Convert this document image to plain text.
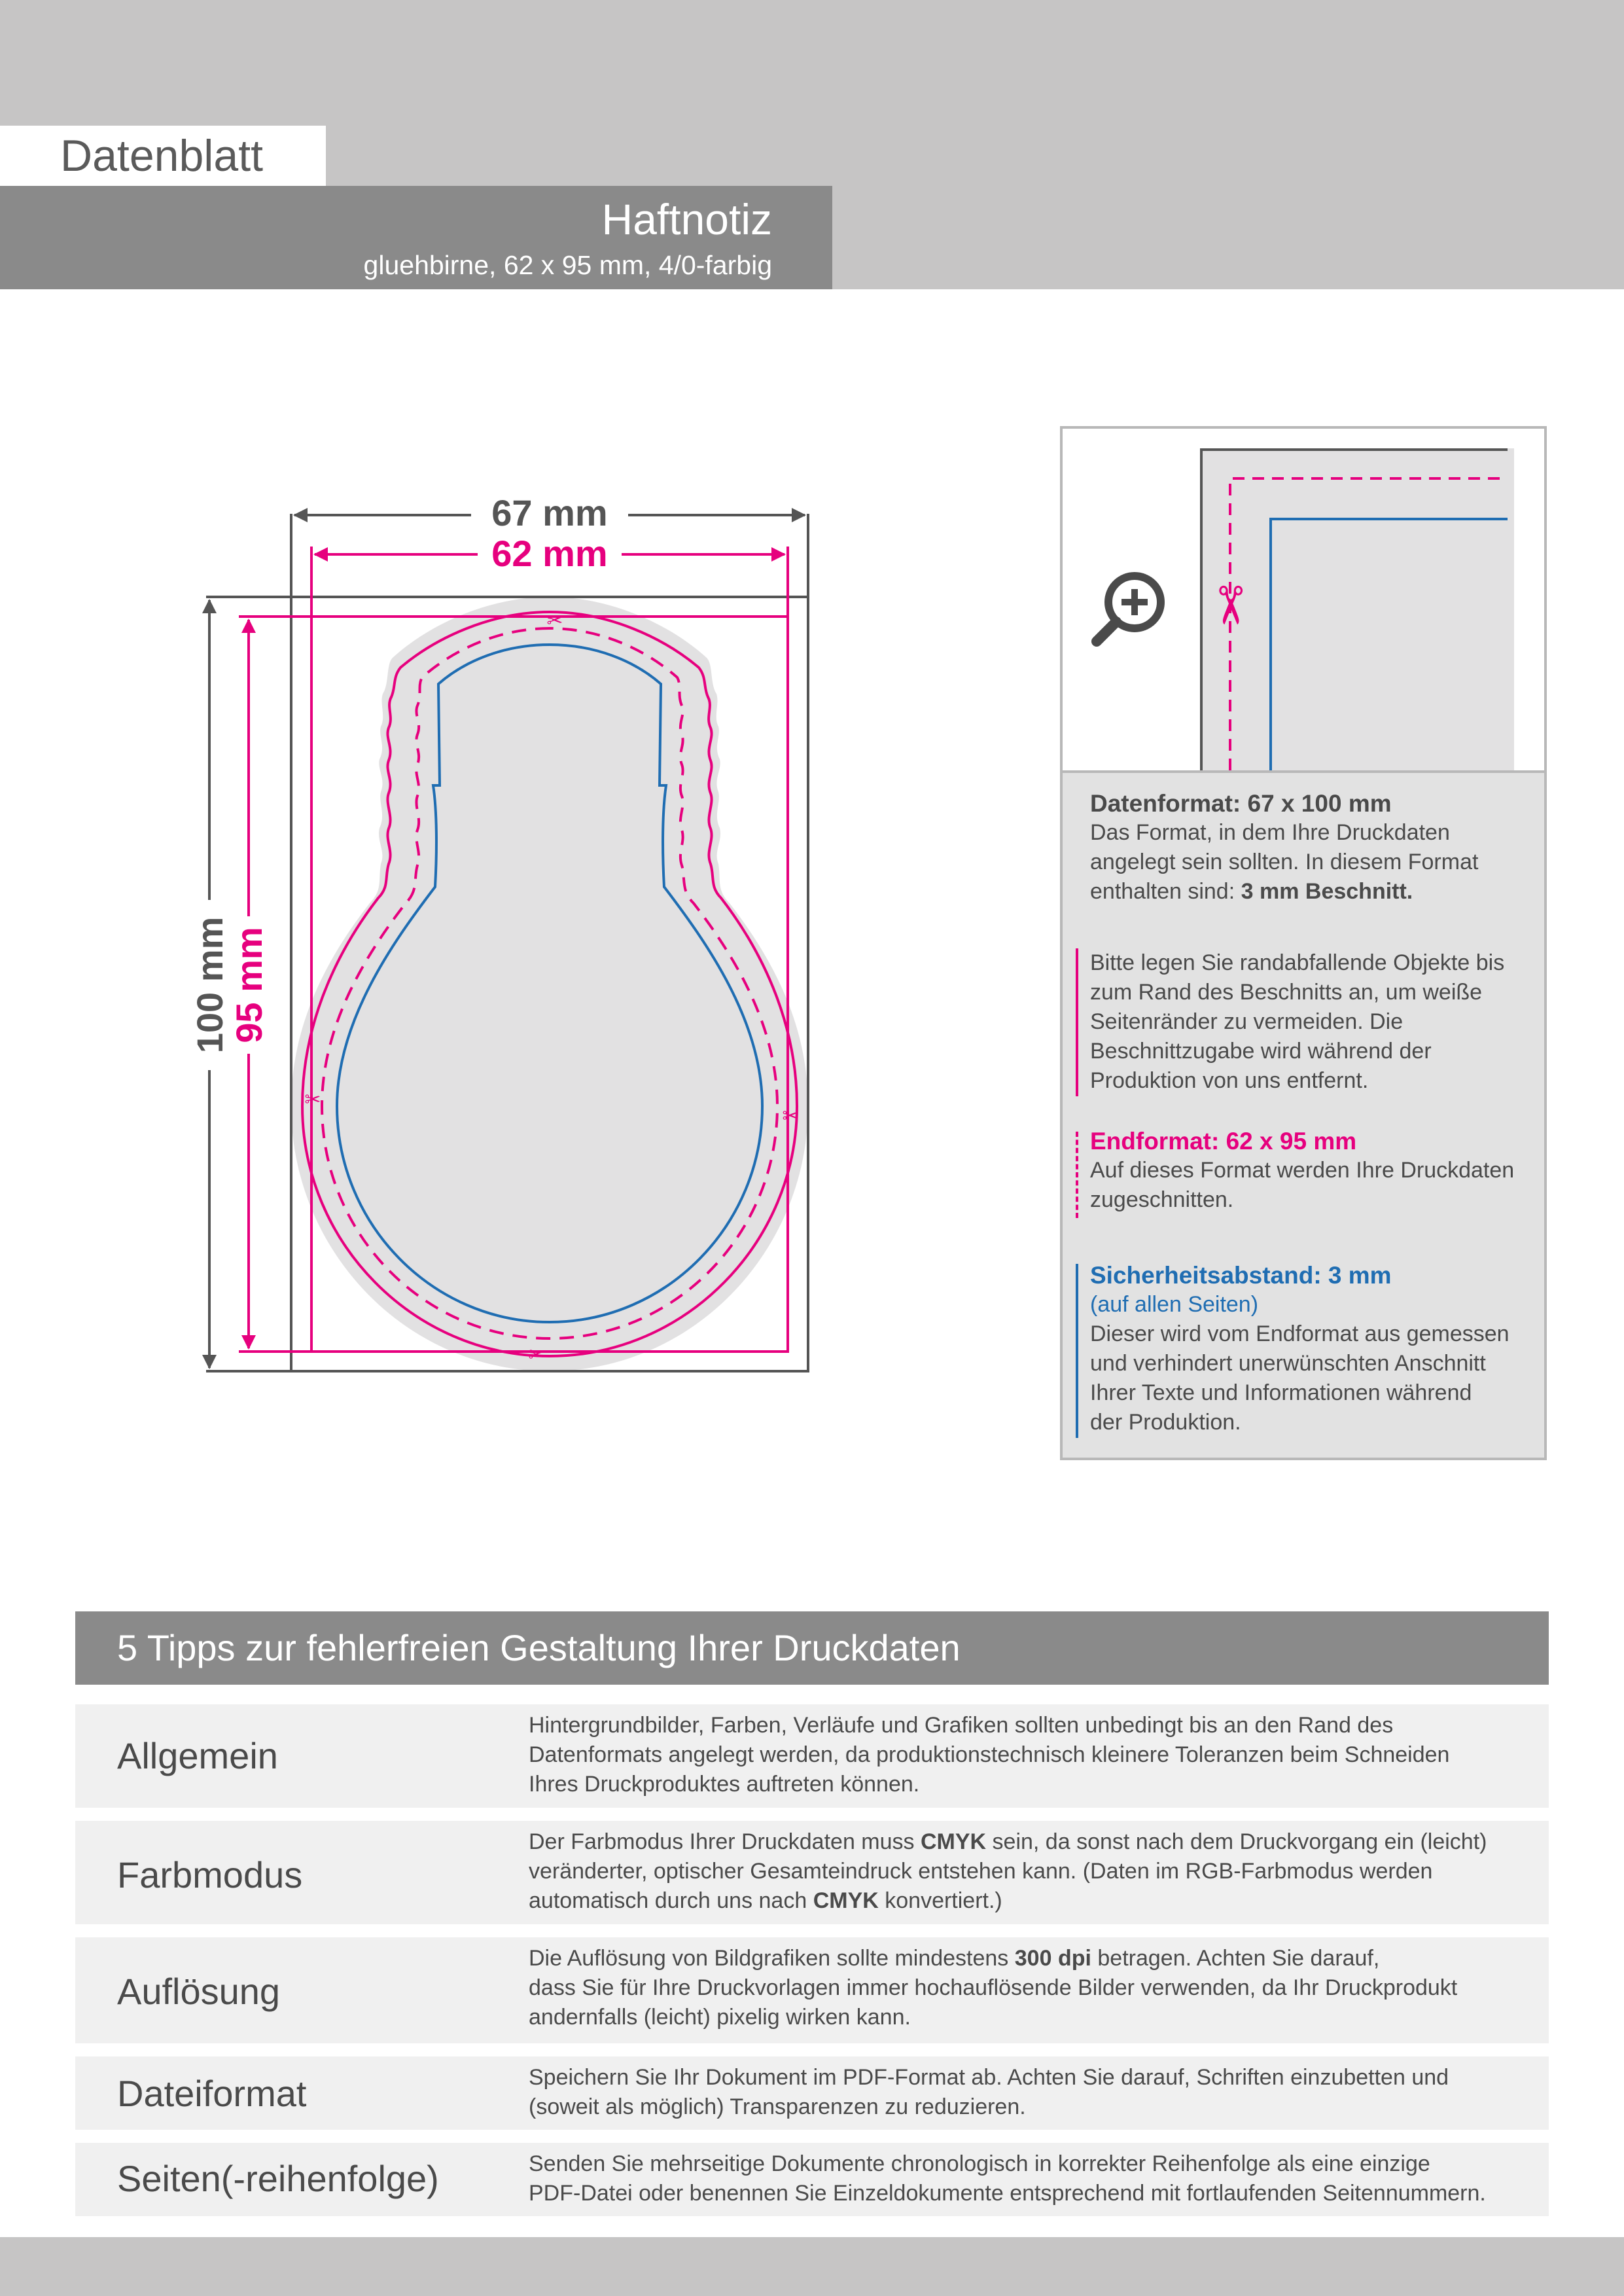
Datenblatt
Haftnotiz
gluehbirne, 62 x 95 mm, 4/0-farbig
✂
✂
✂
✂
67 mm
62 mm
100 mm
95 mm
✂
Datenformat: 67 x 100 mm
Das Format, in dem Ihre Druckdaten
angelegt sein sollten. In diesem Format
enthalten sind: 3 mm Beschnitt.
Bitte legen Sie randabfallende Objekte bis
zum Rand des Beschnitts an, um weiße
Seitenränder zu vermeiden. Die
Beschnittzugabe wird während der
Produktion von uns entfernt.
Endformat: 62 x 95 mm
Auf dieses Format werden Ihre Druckdaten
zugeschnitten.
Sicherheitsabstand: 3 mm
(auf allen Seiten)
Dieser wird vom Endformat aus gemessen
und verhindert unerwünschten Anschnitt
Ihrer Texte und Informationen während
der Produktion.
5 Tipps zur fehlerfreien Gestaltung Ihrer Druckdaten
Allgemein
Hintergrundbilder, Farben, Verläufe und Grafiken sollten unbedingt bis an den Rand des
Datenformats angelegt werden, da produktionstechnisch kleinere Toleranzen beim Schneiden
Ihres Druckproduktes auftreten können.
Farbmodus
Der Farbmodus Ihrer Druckdaten muss CMYK sein, da sonst nach dem Druckvorgang ein (leicht)
veränderter, optischer Gesamteindruck entstehen kann. (Daten im RGB-Farbmodus werden
automatisch durch uns nach CMYK konvertiert.)
Auflösung
Die Auflösung von Bildgrafiken sollte mindestens 300 dpi betragen. Achten Sie darauf,
dass Sie für Ihre Druckvorlagen immer hochauflösende Bilder verwenden, da Ihr Druckprodukt
andernfalls (leicht) pixelig wirken kann.
Dateiformat	Speichern Sie Ihr Dokument im PDF-Format ab. Achten Sie darauf, Schriften einzubetten und
(soweit als möglich) Transparenzen zu reduzieren.
Seiten(-reihenfolge)	Senden Sie mehrseitige Dokumente chronologisch in korrekter Reihenfolge als eine einzige
PDF-Datei oder benennen Sie Einzeldokumente entsprechend mit fortlaufenden Seitennummern.
